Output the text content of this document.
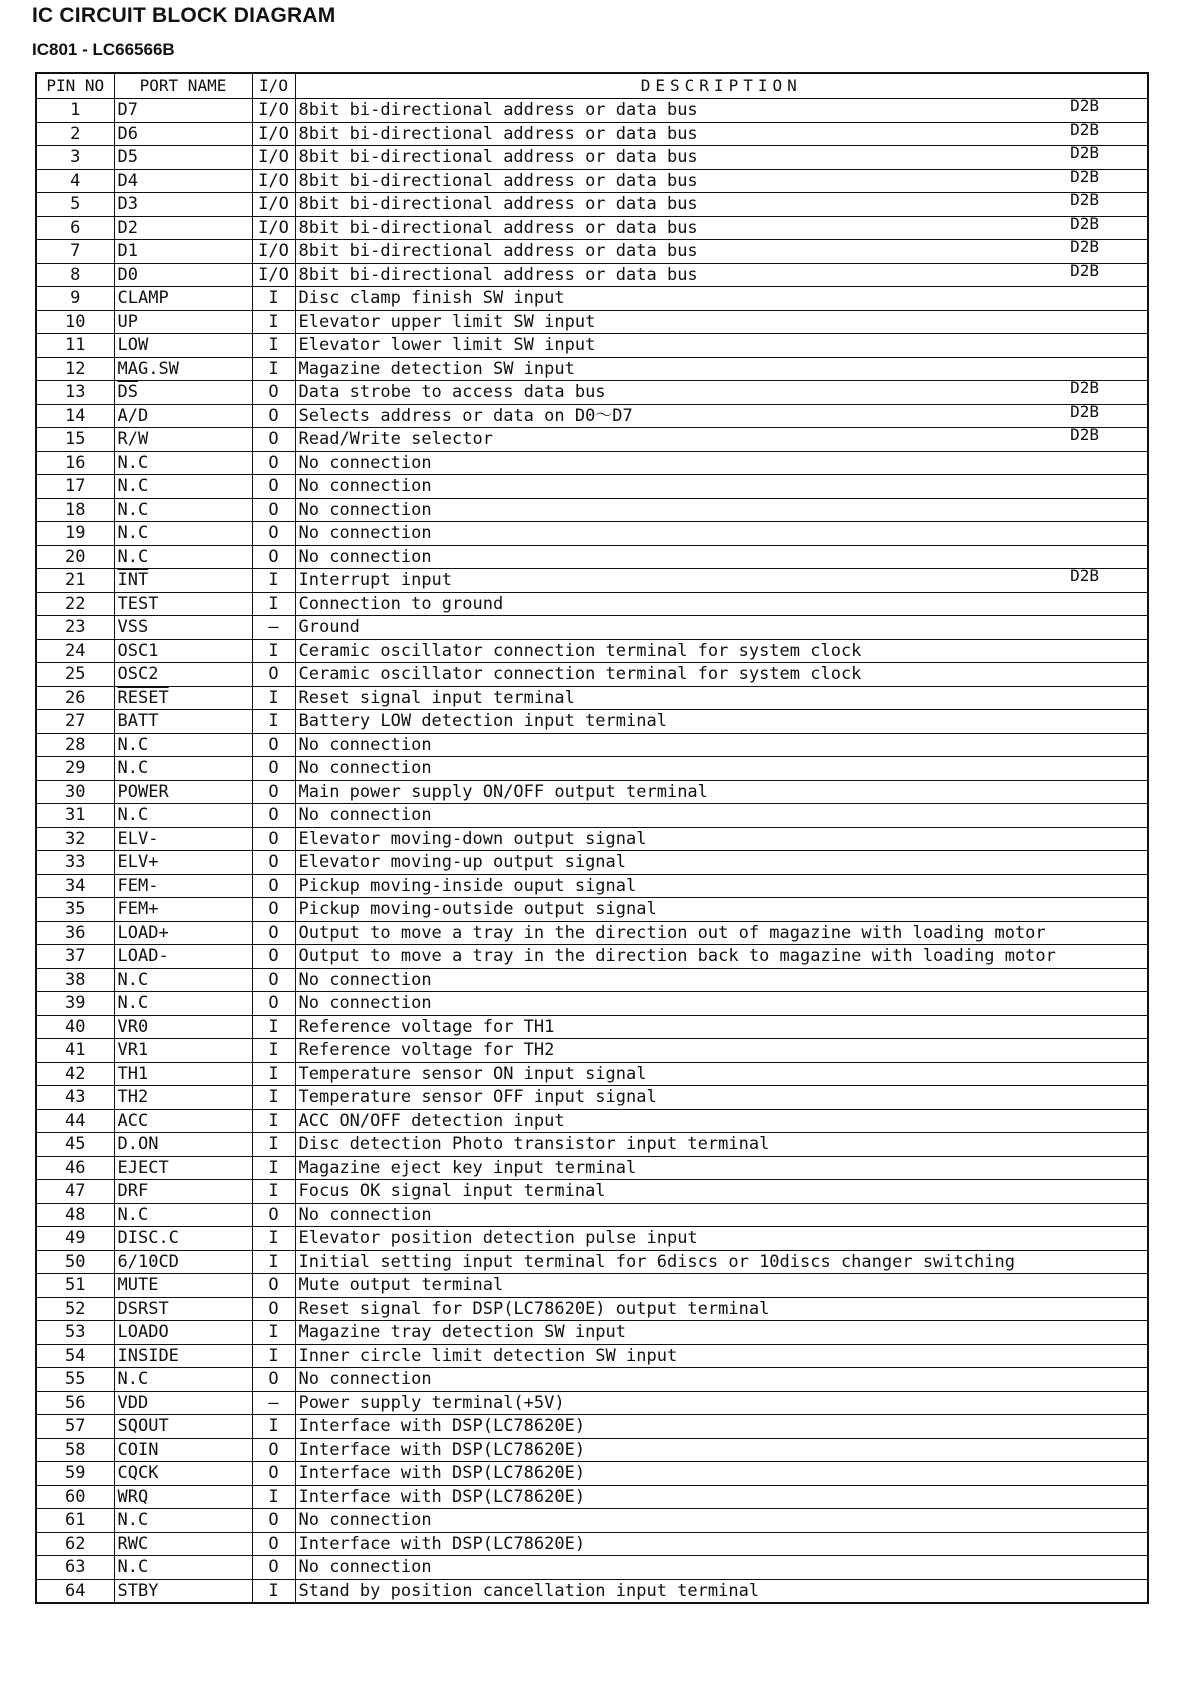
IC CIRCUIT BLOCK DIAGRAM
IC801 - LC66566B
PIN NO	PORT NAME	I/O	DESCRIPTION
1	D7	I/O	8bit bi-directional address or data bus D2B

2	D6	I/O	8bit bi-directional address or data bus D2B

3	D5	I/O	8bit bi-directional address or data bus D2B

4	D4	I/O	8bit bi-directional address or data bus D2B

5	D3	I/O	8bit bi-directional address or data bus D2B

6	D2	I/O	8bit bi-directional address or data bus D2B

7	D1	I/O	8bit bi-directional address or data bus D2B

8	D0	I/O	8bit bi-directional address or data bus D2B

9	CLAMP	I	Disc clamp finish SW input
10	UP	I	Elevator upper limit SW input
11	LOW	I	Elevator lower limit SW input
12	MAG.SW	I	Magazine detection SW input
13	$\overline{DS}$	O	Data strobe to access data bus D2B

14	A/D	O	Selects address or data on D0～D7 D2B

15	R/W	O	Read/Write selector D2B

16	N.C	O	No connection
17	N.C	O	No connection
18	N.C	O	No connection
19	N.C	O	No connection
20	N.C	O	No connection
21	$\overline{INT}$	I	Interrupt input D2B

22	TEST	I	Connection to ground
23	VSS	—	Ground
24	OSC1	I	Ceramic oscillator connection terminal for system clock
25	OSC2	O	Ceramic oscillator connection terminal for system clock
26	RESET	I	Reset signal input terminal
27	BATT	I	Battery LOW detection input terminal
28	N.C	O	No connection
29	N.C	O	No connection
30	POWER	O	Main power supply ON/OFF output terminal
31	N.C	O	No connection
32	ELV-	O	Elevator moving-down output signal
33	ELV+	O	Elevator moving-up output signal
34	FEM-	O	Pickup moving-inside ouput signal
35	FEM+	O	Pickup moving-outside output signal
36	LOAD+	O	Output to move a tray in the direction out of magazine with loading motor
37	LOAD-	O	Output to move a tray in the direction back to magazine with loading motor
38	N.C	O	No connection
39	N.C	O	No connection
40	VR0	I	Reference voltage for TH1
41	VR1	I	Reference voltage for TH2
42	TH1	I	Temperature sensor ON input signal
43	TH2	I	Temperature sensor OFF input signal
44	ACC	I	ACC ON/OFF detection input
45	D.ON	I	Disc detection Photo transistor input terminal
46	EJECT	I	Magazine eject key input terminal
47	DRF	I	Focus OK signal input terminal
48	N.C	O	No connection
49	DISC.C	I	Elevator position detection pulse input
50	6/10CD	I	Initial setting input terminal for 6discs or 10discs changer switching
51	MUTE	O	Mute output terminal
52	DSRST	O	Reset signal for DSP(LC78620E) output terminal
53	LOADO	I	Magazine tray detection SW input
54	INSIDE	I	Inner circle limit detection SW input
55	N.C	O	No connection
56	VDD	—	Power supply terminal(+5V)
57	SQOUT	I	Interface with DSP(LC78620E)
58	COIN	O	Interface with DSP(LC78620E)
59	CQCK	O	Interface with DSP(LC78620E)
60	WRQ	I	Interface with DSP(LC78620E)
61	N.C	O	No connection
62	RWC	O	Interface with DSP(LC78620E)
63	N.C	O	No connection
64	STBY	I	Stand by position cancellation input terminal
